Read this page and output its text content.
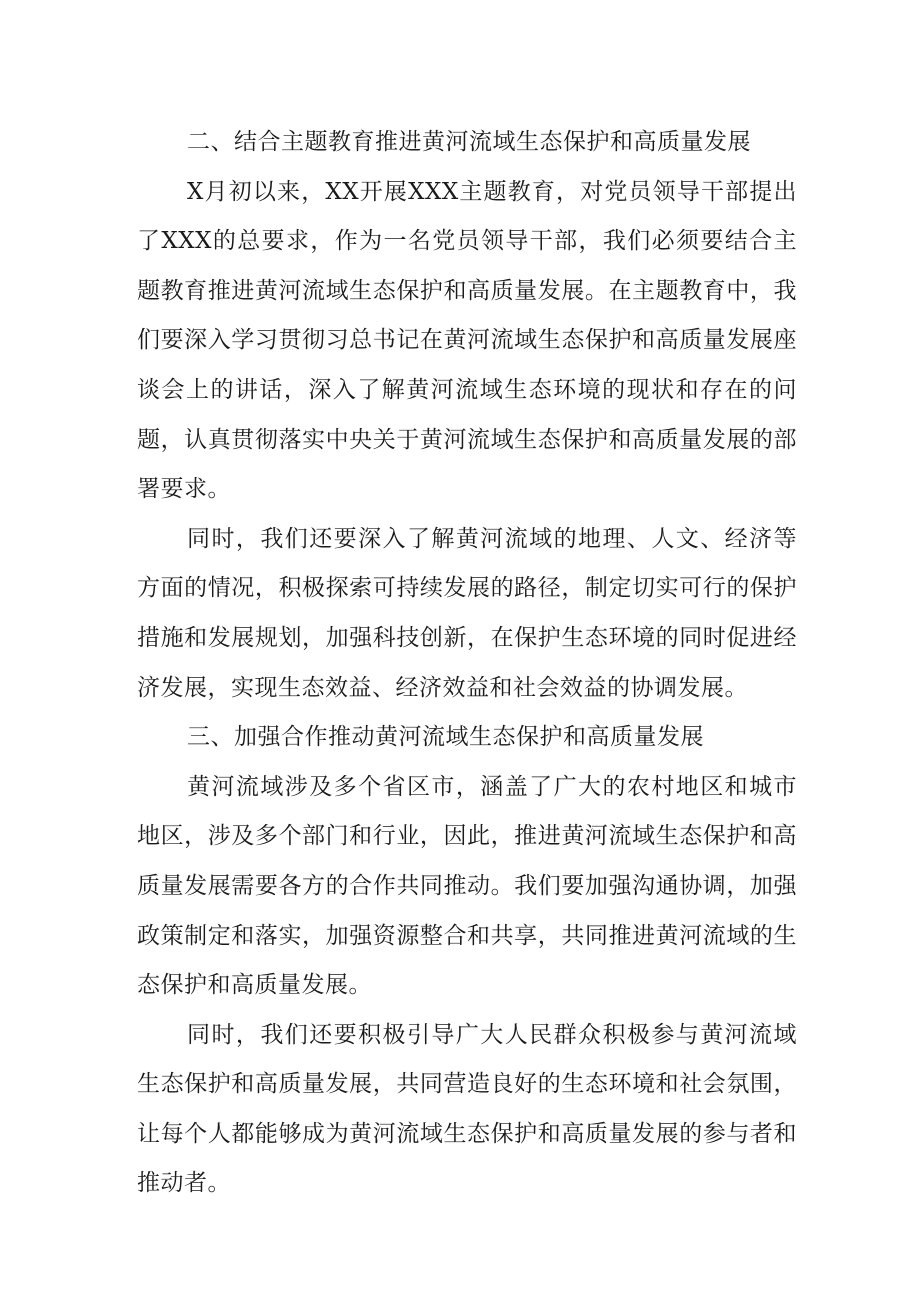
二、结合主题教育推进黄河流域生态保护和高质量发展

X月初以来，XX开展XXX主题教育，对党员领导干部提出了XXX的总要求，作为一名党员领导干部，我们必须要结合主题教育推进黄河流域生态保护和高质量发展。在主题教育中，我们要深入学习贯彻习总书记在黄河流域生态保护和高质量发展座谈会上的讲话，深入了解黄河流域生态环境的现状和存在的问题，认真贯彻落实中央关于黄河流域生态保护和高质量发展的部署要求。

同时，我们还要深入了解黄河流域的地理、人文、经济等方面的情况，积极探索可持续发展的路径，制定切实可行的保护措施和发展规划，加强科技创新，在保护生态环境的同时促进经济发展，实现生态效益、经济效益和社会效益的协调发展。

三、加强合作推动黄河流域生态保护和高质量发展

黄河流域涉及多个省区市，涵盖了广大的农村地区和城市地区，涉及多个部门和行业，因此，推进黄河流域生态保护和高质量发展需要各方的合作共同推动。我们要加强沟通协调，加强政策制定和落实，加强资源整合和共享，共同推进黄河流域的生态保护和高质量发展。

同时，我们还要积极引导广大人民群众积极参与黄河流域生态保护和高质量发展，共同营造良好的生态环境和社会氛围，让每个人都能够成为黄河流域生态保护和高质量发展的参与者和推动者。
